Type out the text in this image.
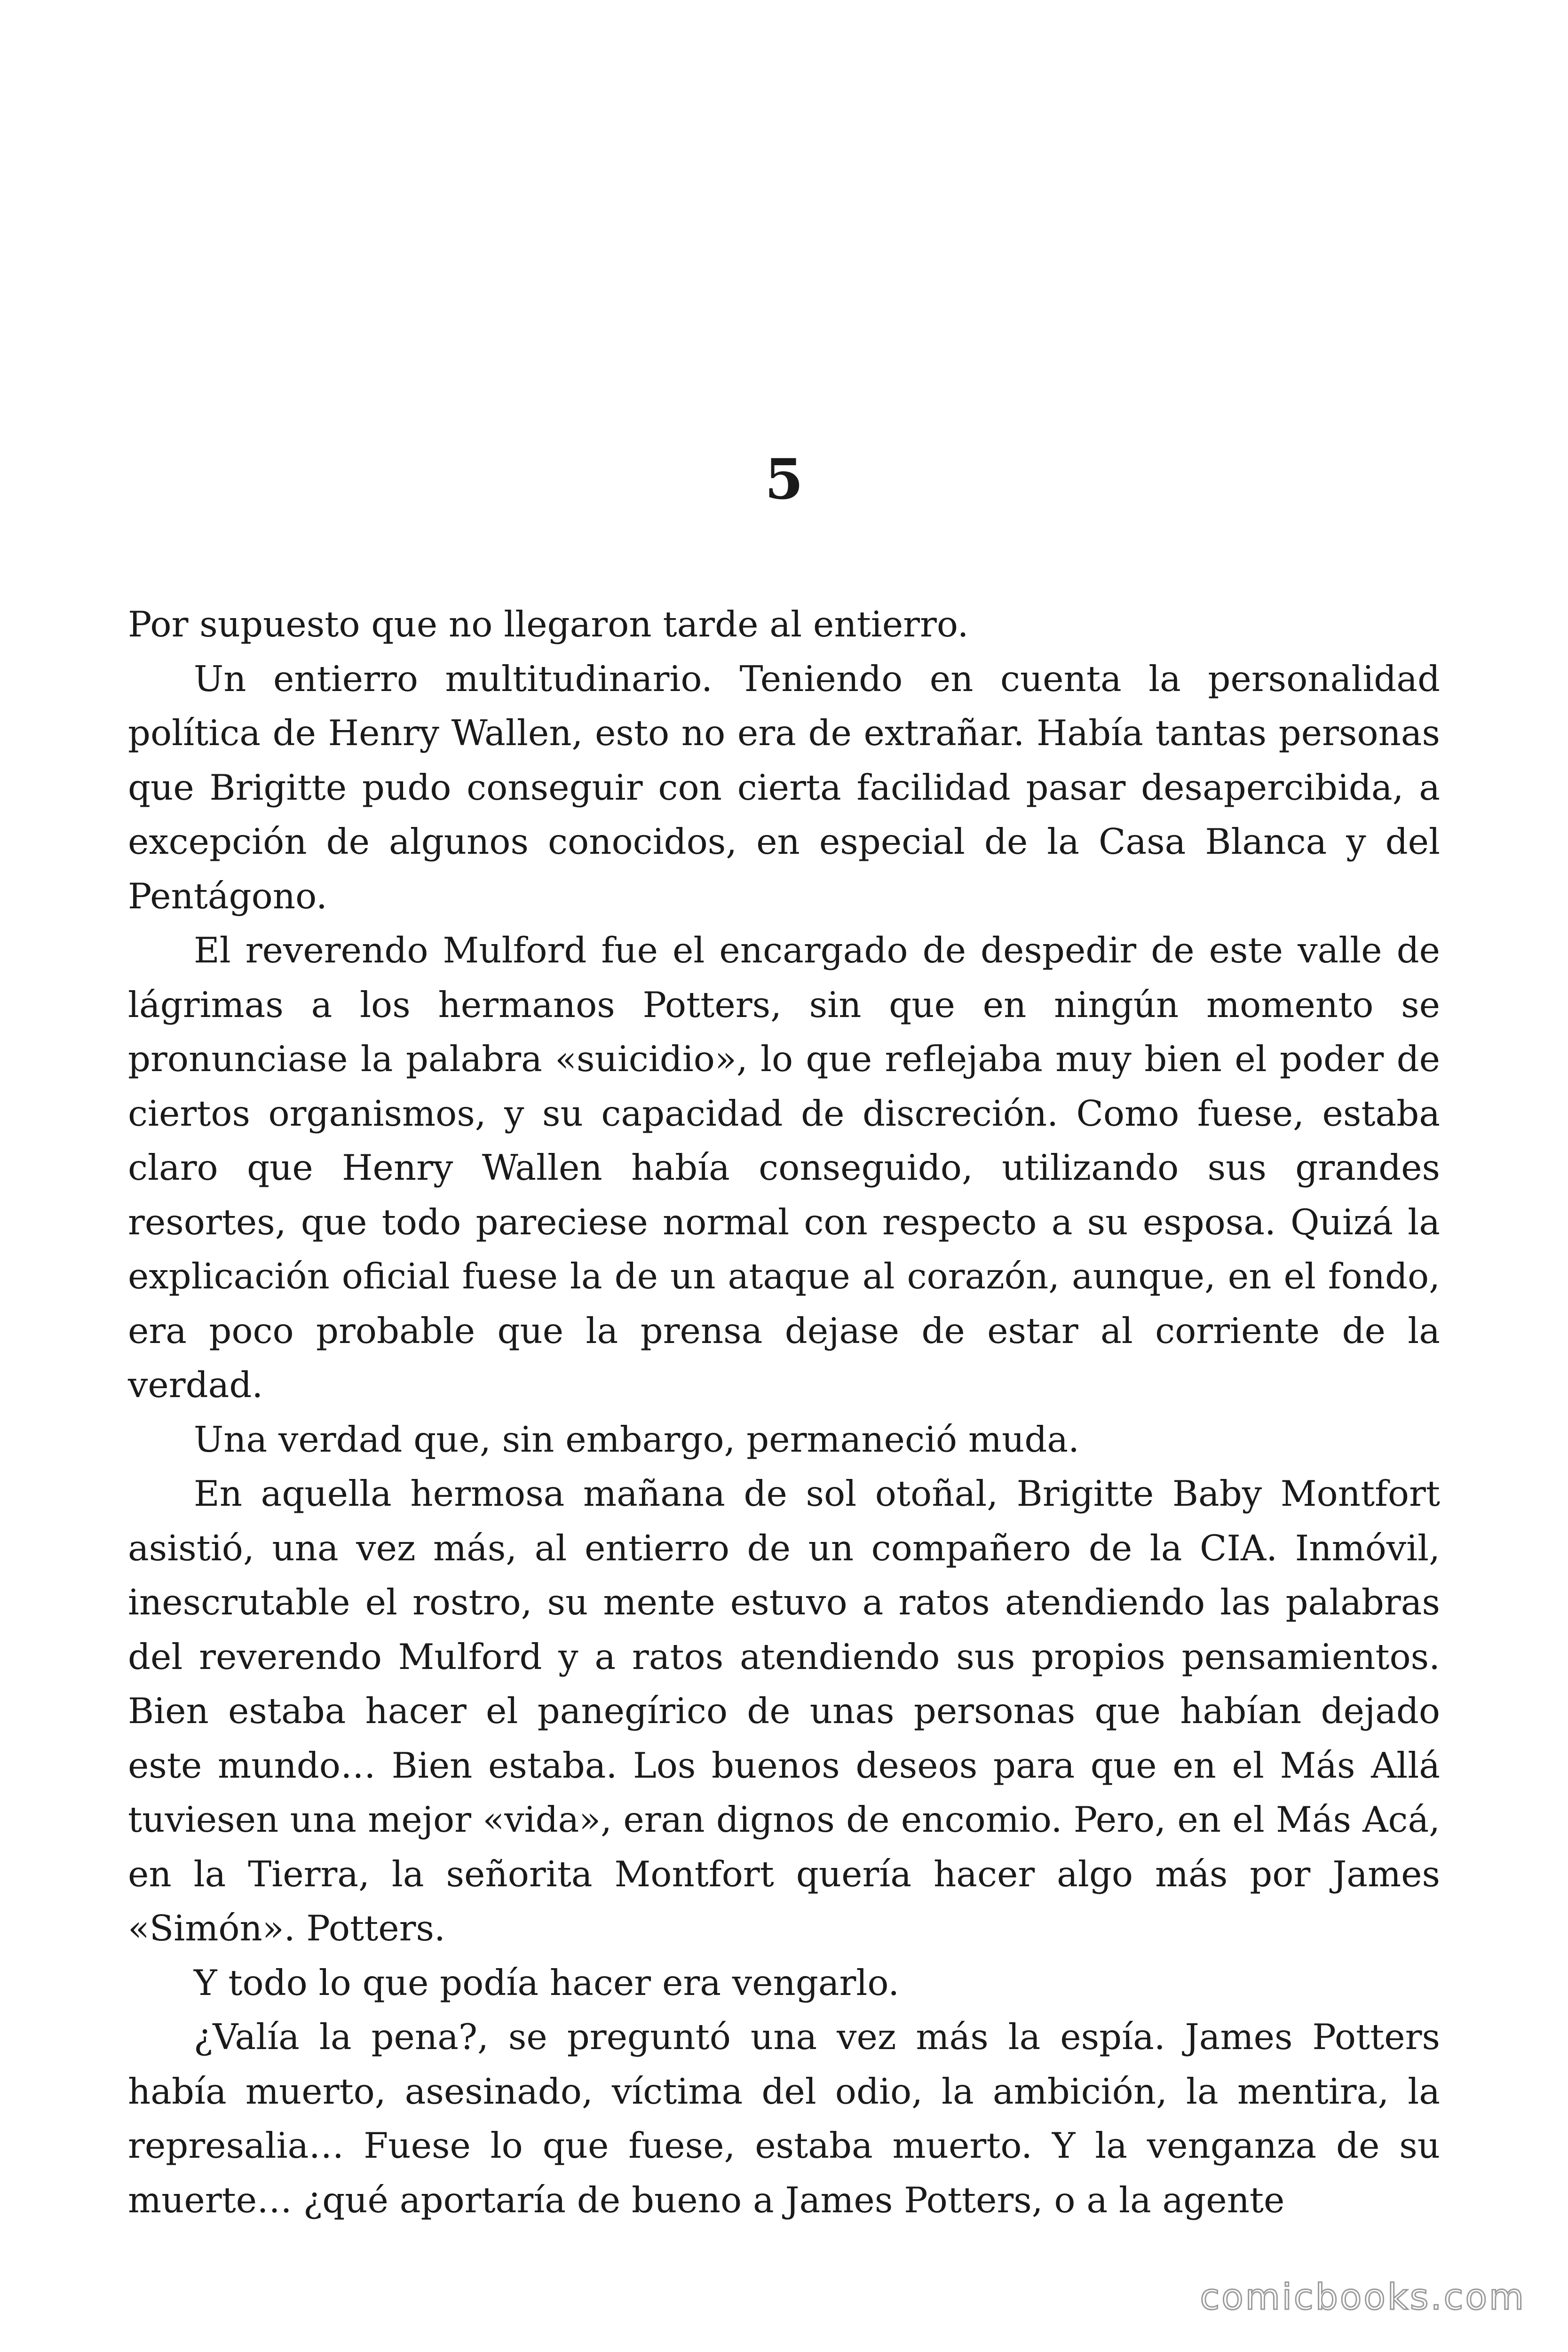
5

Por supuesto que no llegaron tarde al entierro.

Un entierro multitudinario. Teniendo en cuenta la personalidad política de Henry Wallen, esto no era de extrañar. Había tantas personas que Brigitte pudo conseguir con cierta facilidad pasar desapercibida, a excepción de algunos conocidos, en especial de la Casa Blanca y del Pentágono.

El reverendo Mulford fue el encargado de despedir de este valle de lágrimas a los hermanos Potters, sin que en ningún momento se pronunciase la palabra «suicidio», lo que reflejaba muy bien el poder de ciertos organismos, y su capacidad de discreción. Como fuese, estaba claro que Henry Wallen había conseguido, utilizando sus grandes resortes, que todo pareciese normal con respecto a su esposa. Quizá la explicación oficial fuese la de un ataque al corazón, aunque, en el fondo, era poco probable que la prensa dejase de estar al corriente de la verdad.

Una verdad que, sin embargo, permaneció muda.

En aquella hermosa mañana de sol otoñal, Brigitte Baby Montfort asistió, una vez más, al entierro de un compañero de la CIA. Inmóvil, inescrutable el rostro, su mente estuvo a ratos atendiendo las palabras del reverendo Mulford y a ratos atendiendo sus propios pensamientos. Bien estaba hacer el panegírico de unas personas que habían dejado este mundo… Bien estaba. Los buenos deseos para que en el Más Allá tuviesen una mejor «vida», eran dignos de encomio. Pero, en el Más Acá, en la Tierra, la señorita Montfort quería hacer algo más por James «Simón». Potters.

Y todo lo que podía hacer era vengarlo.

¿Valía la pena?, se preguntó una vez más la espía. James Potters había muerto, asesinado, víctima del odio, la ambición, la mentira, la represalia… Fuese lo que fuese, estaba muerto. Y la venganza de su muerte… ¿qué aportaría de bueno a James Potters, o a la agente

comicbooks.com
